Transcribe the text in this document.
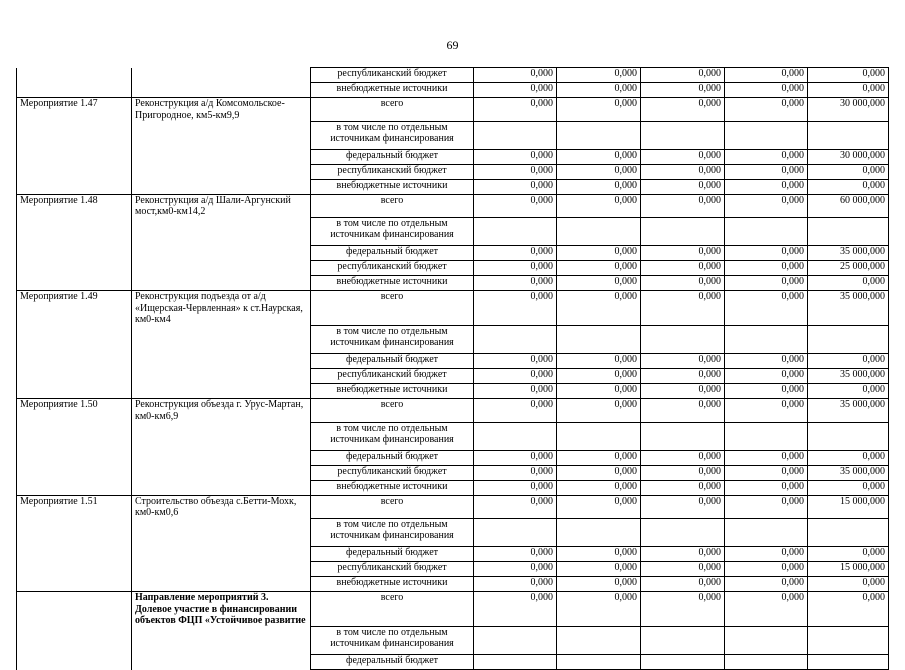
69
		республиканский бюджет	0,000	0,000	0,000	0,000	0,000
		внебюджетные источники	0,000	0,000	0,000	0,000	0,000
Мероприятие 1.47	Реконструкция а/д Комсомольское-Пригородное, км5-км9,9	всего	0,000	0,000	0,000	0,000	30 000,000
		в том числе по отдельным источникам финансирования					
		федеральный бюджет	0,000	0,000	0,000	0,000	30 000,000
		республиканский бюджет	0,000	0,000	0,000	0,000	0,000
		внебюджетные источники	0,000	0,000	0,000	0,000	0,000
Мероприятие 1.48	Реконструкция а/д Шали-Аргунский мост,км0-км14,2	всего	0,000	0,000	0,000	0,000	60 000,000
		в том числе по отдельным источникам финансирования					
		федеральный бюджет	0,000	0,000	0,000	0,000	35 000,000
		республиканский бюджет	0,000	0,000	0,000	0,000	25 000,000
		внебюджетные источники	0,000	0,000	0,000	0,000	0,000
Мероприятие 1.49	Реконструкция подъезда от а/д «Ищерская-Червленная» к ст.Наурская, км0-км4	всего	0,000	0,000	0,000	0,000	35 000,000
		в том числе по отдельным источникам финансирования					
		федеральный бюджет	0,000	0,000	0,000	0,000	0,000
		республиканский бюджет	0,000	0,000	0,000	0,000	35 000,000
		внебюджетные источники	0,000	0,000	0,000	0,000	0,000
Мероприятие 1.50	Реконструкция объезда г. Урус-Мартан, км0-км6,9	всего	0,000	0,000	0,000	0,000	35 000,000
		в том числе по отдельным источникам финансирования					
		федеральный бюджет	0,000	0,000	0,000	0,000	0,000
		республиканский бюджет	0,000	0,000	0,000	0,000	35 000,000
		внебюджетные источники	0,000	0,000	0,000	0,000	0,000
Мероприятие 1.51	Строительство объезда с.Бетти-Мохк, км0-км0,6	всего	0,000	0,000	0,000	0,000	15 000,000
		в том числе по отдельным источникам финансирования					
		федеральный бюджет	0,000	0,000	0,000	0,000	0,000
		республиканский бюджет	0,000	0,000	0,000	0,000	15 000,000
		внебюджетные источники	0,000	0,000	0,000	0,000	0,000
	Направление мероприятий 3. Долевое участие в финансировании объектов ФЦП «Устойчивое развитие	всего	0,000	0,000	0,000	0,000	0,000
		в том числе по отдельным источникам финансирования					
		федеральный бюджет					
